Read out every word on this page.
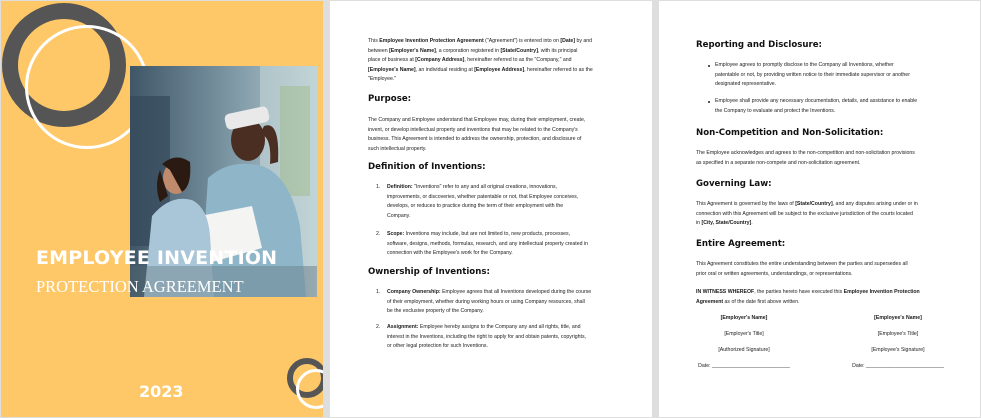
EMPLOYEE INVENTION
PROTECTION AGREEMENT
2023
This Employee Invention Protection Agreement ("Agreement") is entered into on [Date] by and
between [Employer's Name], a corporation registered in [State/Country], with its principal
place of business at [Company Address], hereinafter referred to as the "Company," and
[Employee's Name], an individual residing at [Employee Address], hereinafter referred to as the
"Employee."
Purpose:
The Company and Employee understand that Employee may, during their employment, create,
invent, or develop intellectual property and inventions that may be related to the Company's
business. This Agreement is intended to address the ownership, protection, and disclosure of
such intellectual property.
Definition of Inventions:
1. Definition: "Inventions" refer to any and all original creations, innovations,
improvements, or discoveries, whether patentable or not, that Employee conceives,
develops, or reduces to practice during the term of their employment with the
Company.
2. Scope: Inventions may include, but are not limited to, new products, processes,
software, designs, methods, formulas, research, and any intellectual property created in
connection with the Employee's work for the Company.
Ownership of Inventions:
1. Company Ownership: Employee agrees that all Inventions developed during the course
of their employment, whether during working hours or using Company resources, shall
be the exclusive property of the Company.
2. Assignment: Employee hereby assigns to the Company any and all rights, title, and
interest in the Inventions, including the right to apply for and obtain patents, copyrights,
or other legal protection for such Inventions.
Reporting and Disclosure:
Employee agrees to promptly disclose to the Company all Inventions, whether
patentable or not, by providing written notice to their immediate supervisor or another
designated representative.
Employee shall provide any necessary documentation, details, and assistance to enable
the Company to evaluate and protect the Inventions.
Non-Competition and Non-Solicitation:
The Employee acknowledges and agrees to the non-competition and non-solicitation provisions
as specified in a separate non-compete and non-solicitation agreement.
Governing Law:
This Agreement is governed by the laws of [State/Country], and any disputes arising under or in
connection with this Agreement will be subject to the exclusive jurisdiction of the courts located
in [City, State/Country].
Entire Agreement:
This Agreement constitutes the entire understanding between the parties and supersedes all
prior oral or written agreements, understandings, or representations.
IN WITNESS WHEREOF, the parties hereto have executed this Employee Invention Protection
Agreement as of the date first above written.
[Employer's Name]
[Employer's Title]
[Authorized Signature]
Date: ___________________________
[Employee's Name]
[Employee's Title]
[Employee's Signature]
Date: ___________________________
